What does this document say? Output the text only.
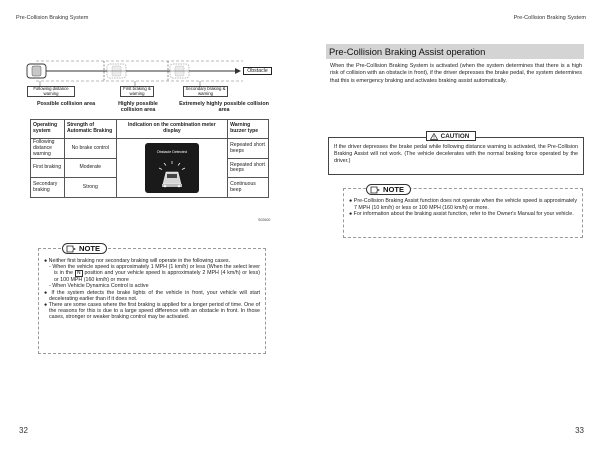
Pre-Collision Braking System
Following distance warning
First braking & warning
Secondary braking & warning
Obstacle
Possible collision area	Highly possible collision area
Extremely highly possible collision area
Operating system	Strength of Automatic Braking	Indication on the combination meter display	Warning buzzer type
Following distance warning	No brake control	Obstacle Detected	Repeated short beeps
First braking	Moderate		Repeated short beeps
Secondary braking	Strong		Continuous beep
S02600
NOTE
● Neither first braking nor secondary braking will operate in the following cases.
- When the vehicle speed is approximately 1 MPH (1 km/h) or less (When the select lever is in the N position and your vehicle speed is approximately 2 MPH (4 km/h) or less) or 100 MPH (160 km/h) or more
- When Vehicle Dynamics Control is active
● If the system detects the brake lights of the vehicle in front, your vehicle will start decelerating earlier than if it does not.
● There are some cases where the first braking is applied for a longer period of time. One of the reasons for this is due to a large speed difference with an obstacle in front. In those cases, stronger or weaker braking control may be activated.
32
Pre-Collision Braking System
33
Pre-Collision Braking Assist operation
When the Pre-Collision Braking System is activated (when the system determines that there is a high risk of collision with an obstacle in front), if the driver depresses the brake pedal, the system determines that this is emergency braking and activates braking assist automatically.
CAUTION
If the driver depresses the brake pedal while following distance warning is activated, the Pre-Collision Braking Assist will not work. (The vehicle decelerates with the normal braking force operated by the driver.)
NOTE
● Pre-Collision Braking Assist function does not operate when the vehicle speed is approximately 7 MPH (10 km/h) or less or 100 MPH (160 km/h) or more.
● For information about the braking assist function, refer to the Owner's Manual for your vehicle.
